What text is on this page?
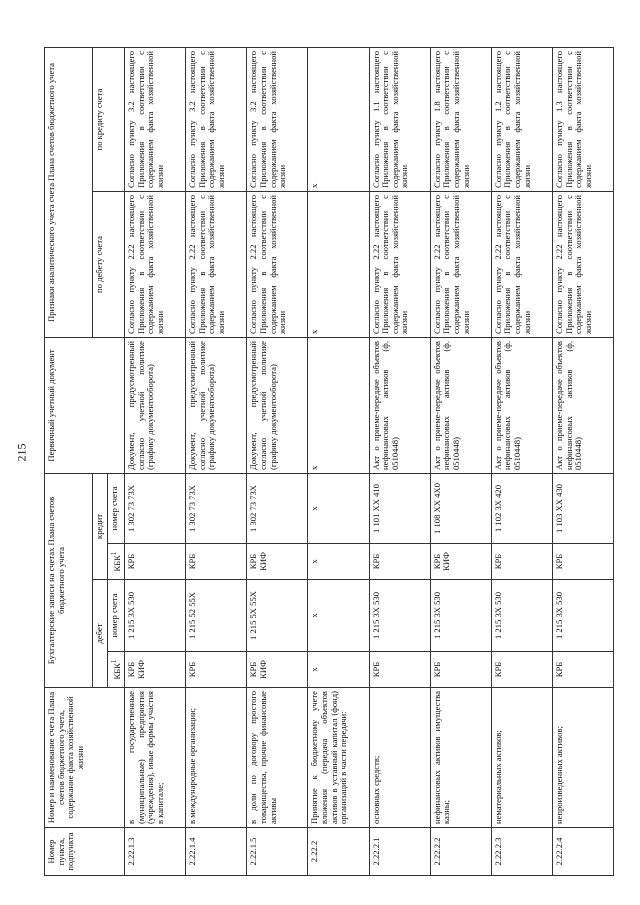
215
Номер пункта, подпункта	Номер и наименование счета Плана счетов бюджетного учета, содержание факта хозяйственной жизни	Бухгалтерские записи на счетах Плана счетов бюджетного учета				Первичный учетный документ	Признаки аналитического учета счета Плана счетов бюджетного учета	
		дебет		кредит			по дебету счета	по кредиту счета
		КБК$^1$	номер счета	КБК$^1$	номер счета			
2.22.1.3	в государственные (муниципальные) предприятия (учреждения), иные формы участия в капитале;	КРБ КИФ	1 215 3X 530	КРБ	1 302 73 73X	Документ, предусмотренный согласно учетной политике (графику документооборота)	Согласно пункту 2.22 настоящего Приложения в соответствии с содержанием факта хозяйственной жизни	Согласно пункту 3.2 настоящего Приложения в соответствии с содержанием факта хозяйственной жизни
2.22.1.4	в международные организации;	КРБ	1 215 52 55X	КРБ	1 302 73 73X	Документ, предусмотренный согласно учетной политике (графику документооборота)	Согласно пункту 2.22 настоящего Приложения в соответствии с содержанием факта хозяйственной жизни	Согласно пункту 3.2 настоящего Приложения в соответствии с содержанием факта хозяйственной жизни
2.22.1.5	в доли по договору простого товарищества, прочие финансовые активы	КРБ КИФ	1 215 5X 55X	КРБ КИФ	1 302 73 73X	Документ, предусмотренный согласно учетной политике (графику документооборота)	Согласно пункту 2.22 настоящего Приложения в соответствии с содержанием факта хозяйственной жизни	Согласно пункту 3.2 настоящего Приложения в соответствии с содержанием факта хозяйственной жизни
2.22.2	Принятие к бюджетному учете вложения (передача объектов активов в уставный капитал (фонд) организаций в части передачи:	х	х	х	х	х	х	х
2.22.2.1	основных средств;	КРБ	1 215 3X 530	КРБ	1 101 XX 410	Акт о приеме-передаче объектов нефинансовых активов (ф. 0510448)	Согласно пункту 2.22 настоящего Приложения в соответствии с содержанием факта хозяйственной жизни	Согласно пункту 1.1 настоящего Приложения в соответствии с содержанием факта хозяйственной жизни
2.22.2.2	нефинансовых активов имущества казны;	КРБ	1 215 3X 530	КРБ КИФ	1 108 XX 4X0	Акт о приеме-передаче объектов нефинансовых активов (ф. 0510448)	Согласно пункту 2.22 настоящего Приложения в соответствии с содержанием факта хозяйственной жизни	Согласно пункту 1.8 настоящего Приложения в соответствии с содержанием факта хозяйственной жизни
2.22.2.3	нематериальных активов;	КРБ	1 215 3X 530	КРБ	1 102 3X 420	Акт о приеме-передаче объектов нефинансовых активов (ф. 0510448)	Согласно пункту 2.22 настоящего Приложения в соответствии с содержанием факта хозяйственной жизни	Согласно пункту 1.2 настоящего Приложения в соответствии с содержанием факта хозяйственной жизни
2.22.2.4	непроизведенных активов;	КРБ	1 215 3X 530	КРБ	1 103 XX 430	Акт о приеме-передаче объектов нефинансовых активов (ф. 0510448)	Согласно пункту 2.22 настоящего Приложения в соответствии с содержанием факта хозяйственной жизни	Согласно пункту 1.3 настоящего Приложения в соответствии с содержанием факта хозяйственной жизни
